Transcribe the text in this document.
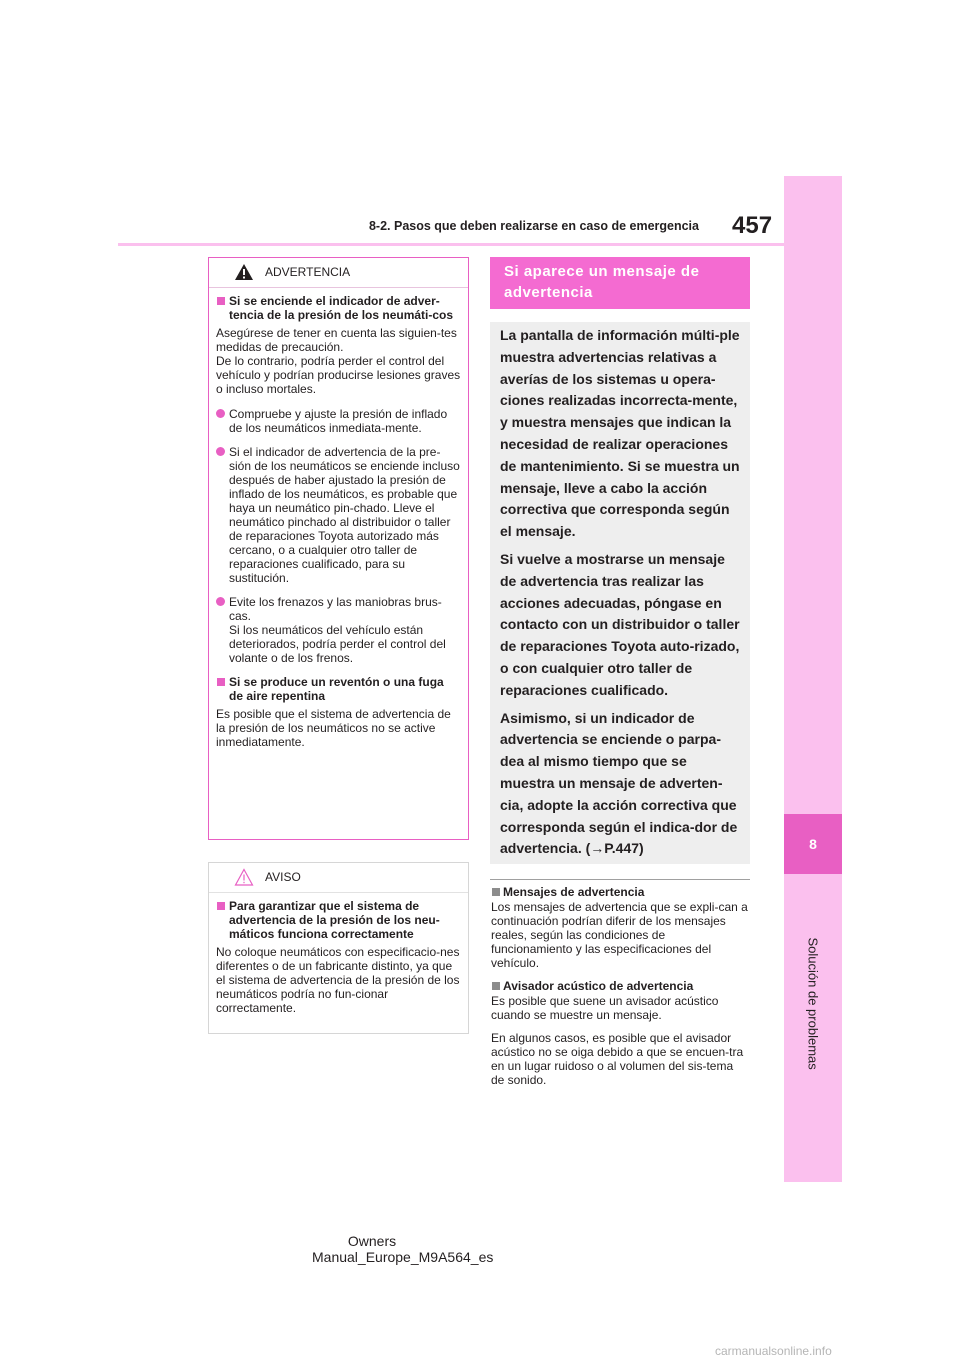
8
Solución de problemas
8-2. Pasos que deben realizarse en caso de emergencia 457
ADVERTENCIA
Si se enciende el indicador de adver-tencia de la presión de los neumáti-cos
Asegúrese de tener en cuenta las siguien-tes medidas de precaución.
De lo contrario, podría perder el control del vehículo y podrían producirse lesiones graves o incluso mortales.
Compruebe y ajuste la presión de inflado de los neumáticos inmediata-mente.
Si el indicador de advertencia de la pre-sión de los neumáticos se enciende incluso después de haber ajustado la presión de inflado de los neumáticos, es probable que haya un neumático pin-chado. Lleve el neumático pinchado al distribuidor o taller de reparaciones Toyota autorizado más cercano, o a cualquier otro taller de reparaciones cualificado, para su sustitución.
Evite los frenazos y las maniobras brus-cas.
Si los neumáticos del vehículo están deteriorados, podría perder el control del volante o de los frenos.
Si se produce un reventón o una fuga de aire repentina
Es posible que el sistema de advertencia de la presión de los neumáticos no se active inmediatamente.
AVISO
Para garantizar que el sistema de advertencia de la presión de los neu-máticos funciona correctamente
No coloque neumáticos con especificacio-nes diferentes o de un fabricante distinto, ya que el sistema de advertencia de la presión de los neumáticos podría no fun-cionar correctamente.
Si aparece un mensaje de advertencia

La pantalla de información múlti-ple muestra advertencias relativas a averías de los sistemas u opera-ciones realizadas incorrecta-mente, y muestra mensajes que indican la necesidad de realizar operaciones de mantenimiento. Si se muestra un mensaje, lleve a cabo la acción correctiva que corresponda según el mensaje.

Si vuelve a mostrarse un mensaje de advertencia tras realizar las acciones adecuadas, póngase en contacto con un distribuidor o taller de reparaciones Toyota auto-rizado, o con cualquier otro taller de reparaciones cualificado.

Asimismo, si un indicador de advertencia se enciende o parpa-dea al mismo tiempo que se muestra un mensaje de adverten-cia, adopte la acción correctiva que corresponda según el indica-dor de advertencia. (→P.447)

Mensajes de advertencia
Los mensajes de advertencia que se expli-can a continuación podrían diferir de los mensajes reales, según las condiciones de funcionamiento y las especificaciones del vehículo.
Avisador acústico de advertencia
Es posible que suene un avisador acústico cuando se muestre un mensaje.
En algunos casos, es posible que el avisador acústico no se oiga debido a que se encuen-tra en un lugar ruidoso o al volumen del sis-tema de sonido.
Owners Manual_Europe_M9A564_es
carmanualsonline.info
